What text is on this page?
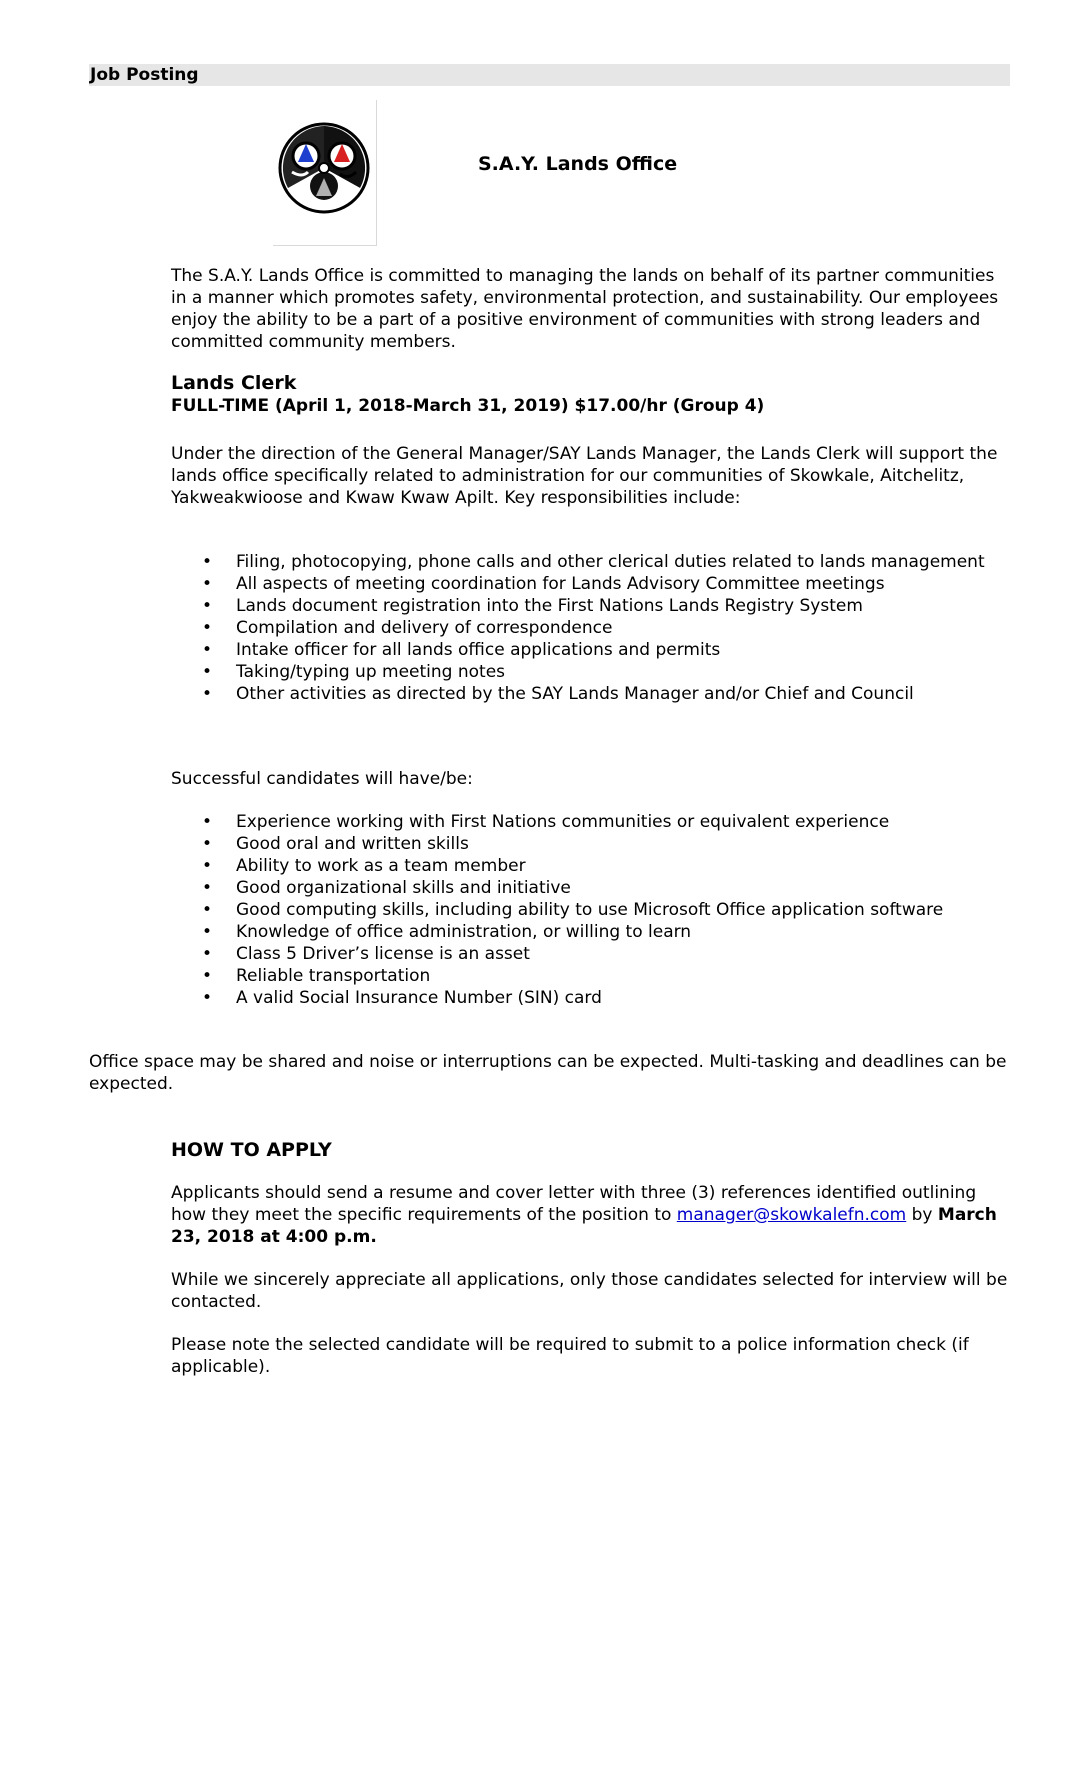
Job Posting
S.A.Y. Lands Office

The S.A.Y. Lands Office is committed to managing the lands on behalf of its partner communities in a manner which promotes safety, environmental protection, and sustainability. Our employees enjoy the ability to be a part of a positive environment of communities with strong leaders and committed community members.

Lands Clerk
FULL-TIME (April 1, 2018-March 31, 2019) $17.00/hr (Group 4)

Under the direction of the General Manager/SAY Lands Manager, the Lands Clerk will support the lands office specifically related to administration for our communities of Skowkale, Aitchelitz, Yakweakwioose and Kwaw Kwaw Apilt. Key responsibilities include:

• Filing, photocopying, phone calls and other clerical duties related to lands management
• All aspects of meeting coordination for Lands Advisory Committee meetings
• Lands document registration into the First Nations Lands Registry System
• Compilation and delivery of correspondence
• Intake officer for all lands office applications and permits
• Taking/typing up meeting notes
• Other activities as directed by the SAY Lands Manager and/or Chief and Council
Successful candidates will have/be:
• Experience working with First Nations communities or equivalent experience
• Good oral and written skills
• Ability to work as a team member
• Good organizational skills and initiative
• Good computing skills, including ability to use Microsoft Office application software
• Knowledge of office administration, or willing to learn
• Class 5 Driver’s license is an asset
• Reliable transportation
• A valid Social Insurance Number (SIN) card

Office space may be shared and noise or interruptions can be expected. Multi-tasking and deadlines can be expected.

HOW TO APPLY

Applicants should send a resume and cover letter with three (3) references identified outlining how they meet the specific requirements of the position to manager@skowkalefn.com by March 23, 2018 at 4:00 p.m.

While we sincerely appreciate all applications, only those candidates selected for interview will be contacted.

Please note the selected candidate will be required to submit to a police information check (if applicable).
